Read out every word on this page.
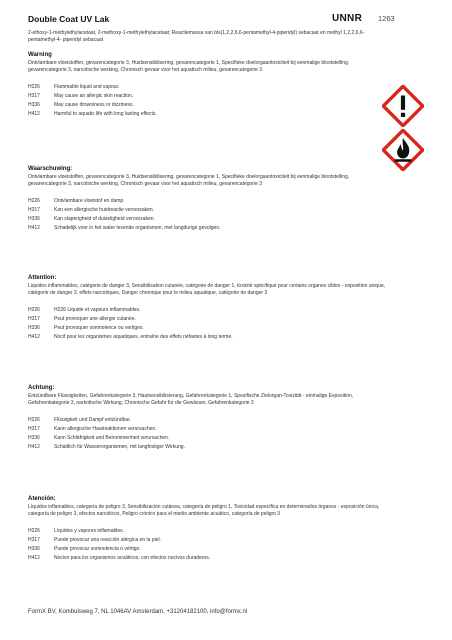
Double Coat UV Lak	UNNR 1263
2-ethoxy-1-methylethylacetaat, 2-methoxy-1-methylethylacetaat; Reactiemassa van bis(1,2,2,6,6-pentamethyl-4-piperidyl) sebacaat en methyl 1,2,2,6,6- pentamethyl-4- piperidyl sebacaat
Warning
Ontvlambare vloeistoffen, gevarencategorie 3, Huidsensibilisering, gevarencategorie 1, Specifieke doelorgaantoxiciteit bij eenmalige blootstelling, gevarencategorie 3, narcotische werking, Chronisch gevaar voor het aquatisch milieu, gevarencategorie 3
H226	Flammable liquid and vapour.
H317	May cause an allergic skin reaction.
H336	May cause drowsiness or dizziness.
H412	Harmful to aquatic life with long lasting effects.
Waarschuwing:
Ontvlambare vloeistoffen, gevarencategorie 3, Huidsensibilisering, gevarencategorie 1, Specifieke doelorgaantoxiciteit bij eenmalige blootstelling, gevarencategorie 3, narcotische werking, Chronisch gevaar voor het aquatisch milieu, gevarencategorie 3
H226	Ontvlambare vloeistof en damp.
H317	Kan een allergische huidreactie veroorzaken.
H336	Kan slaperigheid of duizeligheid veroorzaken.
H412	Schadelijk voor in het water levende organismen, met langdurige gevolgen.
Attention:
Liquides inflammables, catégorie de danger 3, Sensibilisation cutanée, catégorie de danger 1, toxicité spécifique pour certains organes cibles - exposition unique, catégorie de danger 3, effets narcotiques, Danger chronique pour le milieu aquatique, catégorie de danger 3
H226	H226 Liquide et vapeurs inflammables.
H317	Peut provoquer une allergie cutanée.
H336	Peut provoquer somnolence ou vertiges.
H412	Nocif pour les organismes aquatiques, entraîne des effets néfastes à long terme.
Achtung:
Entzündbare Flüssigkeiten, Gefahrenkategorie 3, Hautsensibilisierung, Gefahrenkategorie 1, Spezifische Zielorgan-Toxizität - einmalige Exposition, Gefahrenkategorie 3, narkotische Wirkung, Chronische Gefahr für die Gewässer, Gefahrenkategorie 3
H226	Flüssigkeit und Dampf entzündbar.
H317	Kann allergische Hautreaktionen verursachen.
H336	Kann Schläfrigkeit und Benommenheit verursachen.
H412	Schädlich für Wasserorganismen, mit langfristiger Wirkung.
Atención:
Líquidos inflamables, categoría de peligro 3, Sensibilización cutánea, categoría de peligro 1, Toxicidad específica en determinados órganos - exposición única, categoría de peligro 3, efectos narcóticos, Peligro crónico para el medio ambiente acuático, categoría de peligro 3
H226	Líquidos y vapores inflamables.
H317	Puede provocar una reacción alérgica en la piel.
H336	Puede provocar somnolencia o vértigo.
H412	Nocivo para los organismos acuáticos, con efectos nocivos duraderos.
FormX BV, Kombuisweg 7, NL 1046AV Amsterdam, +31204182100, info@formx.nl
